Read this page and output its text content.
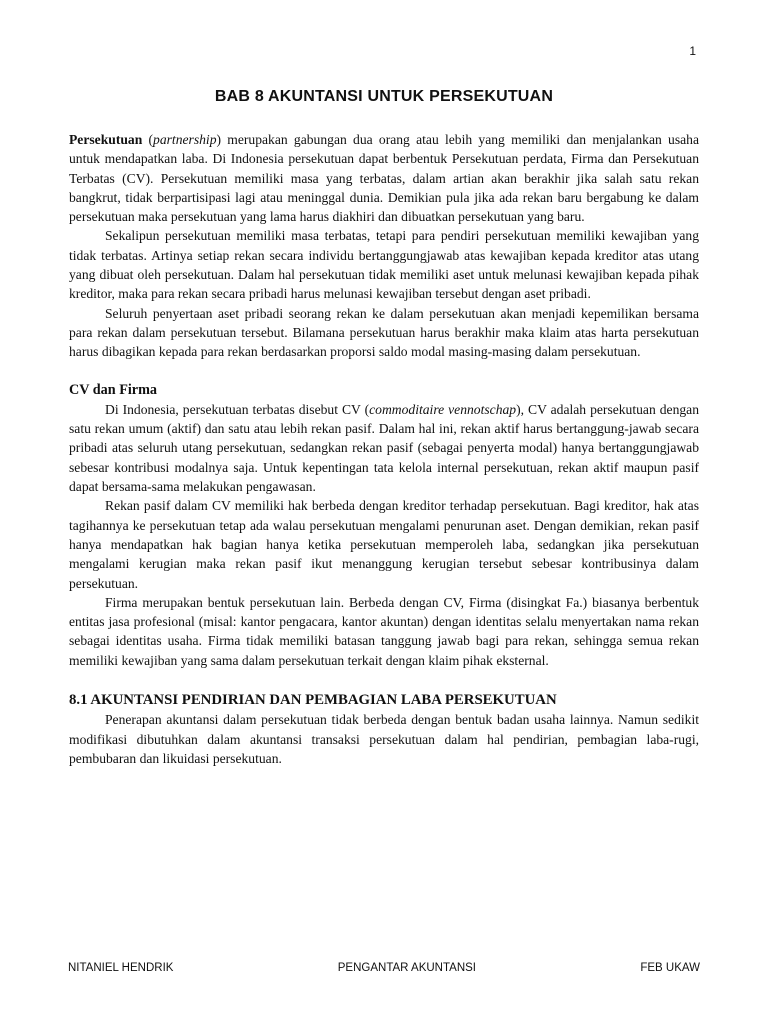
1
BAB 8 AKUNTANSI UNTUK PERSEKUTUAN

Persekutuan (partnership) merupakan gabungan dua orang atau lebih yang memiliki dan menjalankan usaha untuk mendapatkan laba. Di Indonesia persekutuan dapat berbentuk Persekutuan perdata, Firma dan Persekutuan Terbatas (CV). Persekutuan memiliki masa yang terbatas, dalam artian akan berakhir jika salah satu rekan bangkrut, tidak berpartisipasi lagi atau meninggal dunia. Demikian pula jika ada rekan baru bergabung ke dalam persekutuan maka persekutuan yang lama harus diakhiri dan dibuatkan persekutuan yang baru.

Sekalipun persekutuan memiliki masa terbatas, tetapi para pendiri persekutuan memiliki kewajiban yang tidak terbatas. Artinya setiap rekan secara individu bertanggungjawab atas kewajiban kepada kreditor atas utang yang dibuat oleh persekutuan. Dalam hal persekutuan tidak memiliki aset untuk melunasi kewajiban kepada pihak kreditor, maka para rekan secara pribadi harus melunasi kewajiban tersebut dengan aset pribadi.

Seluruh penyertaan aset pribadi seorang rekan ke dalam persekutuan akan menjadi kepemilikan bersama para rekan dalam persekutuan tersebut. Bilamana persekutuan harus berakhir maka klaim atas harta persekutuan harus dibagikan kepada para rekan berdasarkan proporsi saldo modal masing-masing dalam persekutuan.

CV dan Firma

Di Indonesia, persekutuan terbatas disebut CV (commoditaire vennotschap), CV adalah persekutuan dengan satu rekan umum (aktif) dan satu atau lebih rekan pasif. Dalam hal ini, rekan aktif harus bertanggung-jawab secara pribadi atas seluruh utang persekutuan, sedangkan rekan pasif (sebagai penyerta modal) hanya bertanggungjawab sebesar kontribusi modalnya saja. Untuk kepentingan tata kelola internal persekutuan, rekan aktif maupun pasif dapat bersama-sama melakukan pengawasan.

Rekan pasif dalam CV memiliki hak berbeda dengan kreditor terhadap persekutuan. Bagi kreditor, hak atas tagihannya ke persekutuan tetap ada walau persekutuan mengalami penurunan aset. Dengan demikian, rekan pasif hanya mendapatkan hak bagian hanya ketika persekutuan memperoleh laba, sedangkan jika persekutuan mengalami kerugian maka rekan pasif ikut menanggung kerugian tersebut sebesar kontribusinya dalam persekutuan.

Firma merupakan bentuk persekutuan lain. Berbeda dengan CV, Firma (disingkat Fa.) biasanya berbentuk entitas jasa profesional (misal: kantor pengacara, kantor akuntan) dengan identitas selalu menyertakan nama rekan sebagai identitas usaha. Firma tidak memiliki batasan tanggung jawab bagi para rekan, sehingga semua rekan memiliki kewajiban yang sama dalam persekutuan terkait dengan klaim pihak eksternal.

8.1 AKUNTANSI PENDIRIAN DAN PEMBAGIAN LABA PERSEKUTUAN

Penerapan akuntansi dalam persekutuan tidak berbeda dengan bentuk badan usaha lainnya. Namun sedikit modifikasi dibutuhkan dalam akuntansi transaksi persekutuan dalam hal pendirian, pembagian laba-rugi, pembubaran dan likuidasi persekutuan.

NITANIEL HENDRIK	PENGANTAR AKUNTANSI	FEB UKAW
